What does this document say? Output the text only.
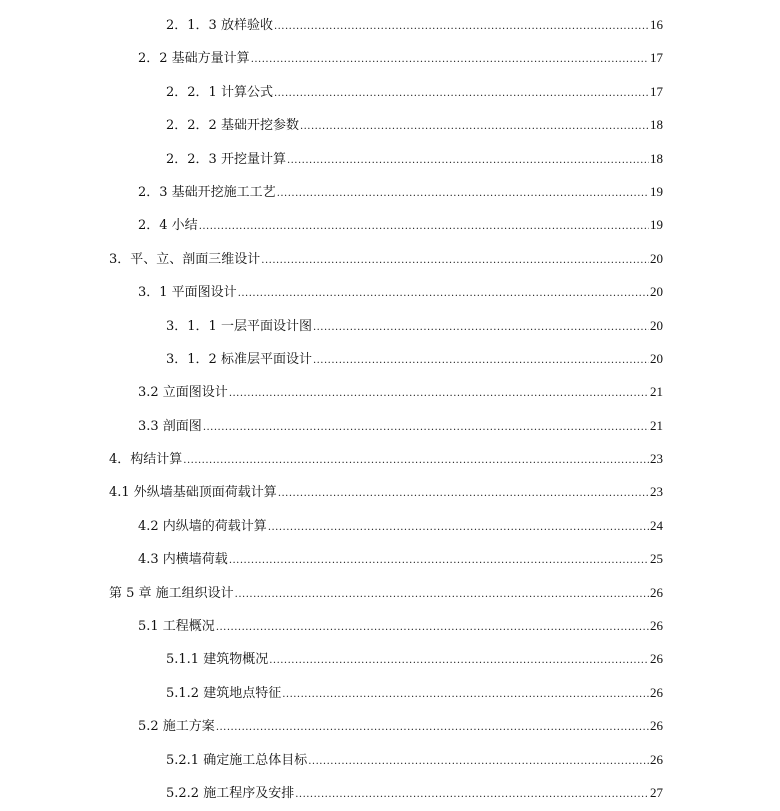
2．1．3 放样验收 .....	16
2．2 基础方量计算 .....	17
2．2．1 计算公式 .....	17
2．2．2 基础开挖参数 .....	18
2．2．3 开挖量计算 .....	18
2．3 基础开挖施工工艺 .....	19
2．4 小结 .....	19
3．平、立、剖面三维设计 .....	20
3．1 平面图设计 .....	20
3．1．1 一层平面设计图 .....	20
3．1．2 标准层平面设计 .....	20
3.2 立面图设计 .....	21
3.3 剖面图 .....	21
4．构结计算 .....	23
4.1 外纵墙基础顶面荷载计算 .....	23
4.2 内纵墙的荷载计算 .....	24
4.3 内横墙荷载 .....	25
第 5 章 施工组织设计 .....	26
5.1 工程概况 .....	26
5.1.1 建筑物概况 .....	26
5.1.2 建筑地点特征 .....	26
5.2 施工方案 .....	26
5.2.1 确定施工总体目标 .....	26
5.2.2 施工程序及安排 .....	27
